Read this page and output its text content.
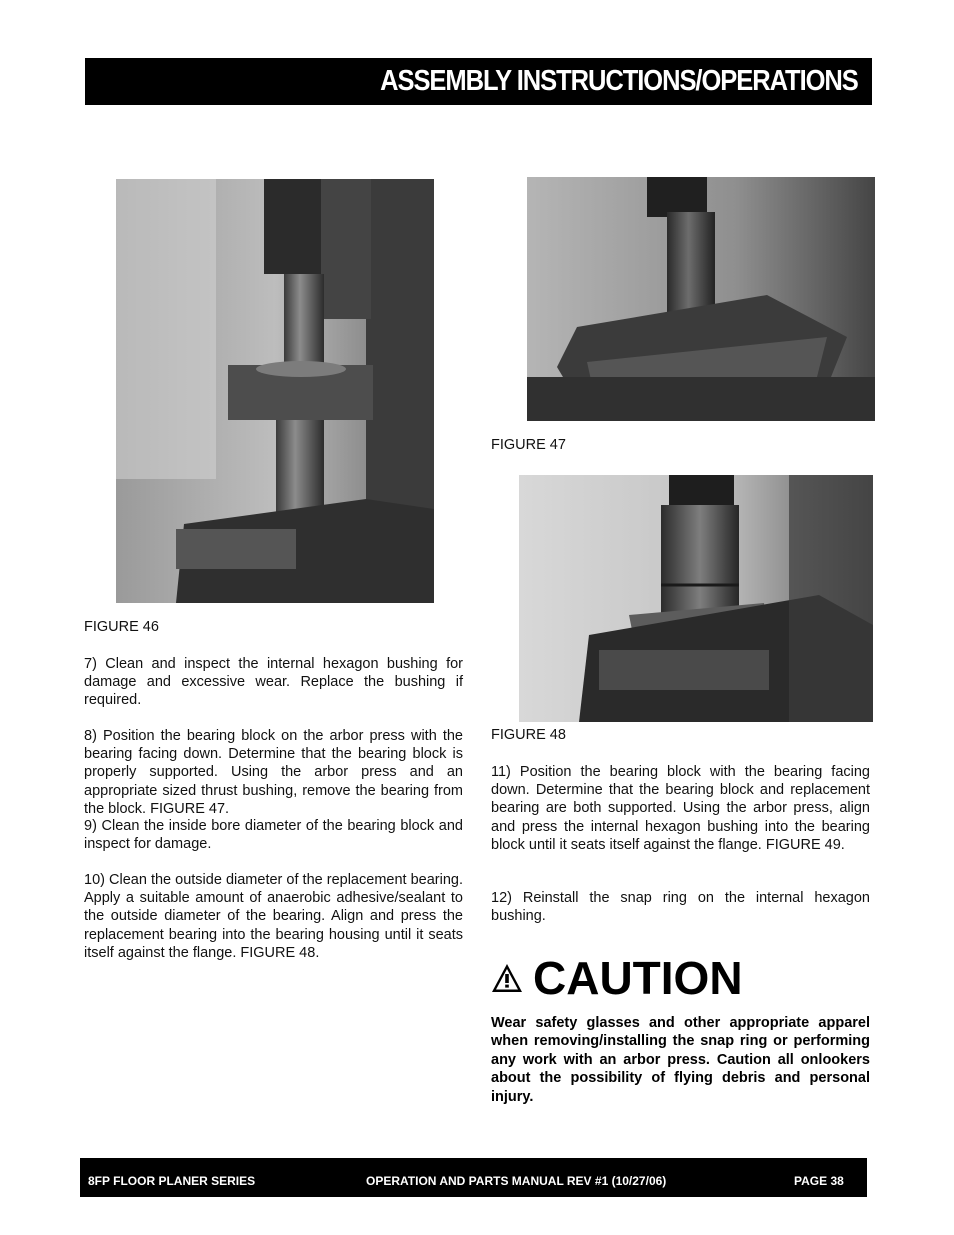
ASSEMBLY INSTRUCTIONS/OPERATIONS
FIGURE 46
FIGURE 47
FIGURE 48
7) Clean and inspect the internal hexagon bushing for damage and excessive wear. Replace the bushing if required.
8) Position the bearing block on the arbor press with the bearing facing down. Determine that the bearing block is properly supported. Using the arbor press and an appropriate sized thrust bushing, remove the bearing from the block. FIGURE 47.
9) Clean the inside bore diameter of the bearing block and inspect for damage.
10) Clean the outside diameter of the replacement bearing. Apply a suitable amount of anaerobic adhesive/sealant to the outside diameter of the bearing. Align and press the replacement bearing into the bearing housing until it seats itself against the flange. FIGURE 48.
11) Position the bearing block with the bearing facing down. Determine that the bearing block and replacement bearing are both supported. Using the arbor press, align and press the internal hexagon bushing into the bearing block until it seats itself against the flange. FIGURE 49.
12) Reinstall the snap ring on the internal hexagon bushing.
CAUTION
Wear safety glasses and other appropriate apparel when removing/installing the snap ring or performing any work with an arbor press. Caution all onlookers about the possibility of flying debris and personal injury.
8FP FLOOR PLANER SERIES	OPERATION AND PARTS MANUAL REV #1 (10/27/06)	PAGE 38
